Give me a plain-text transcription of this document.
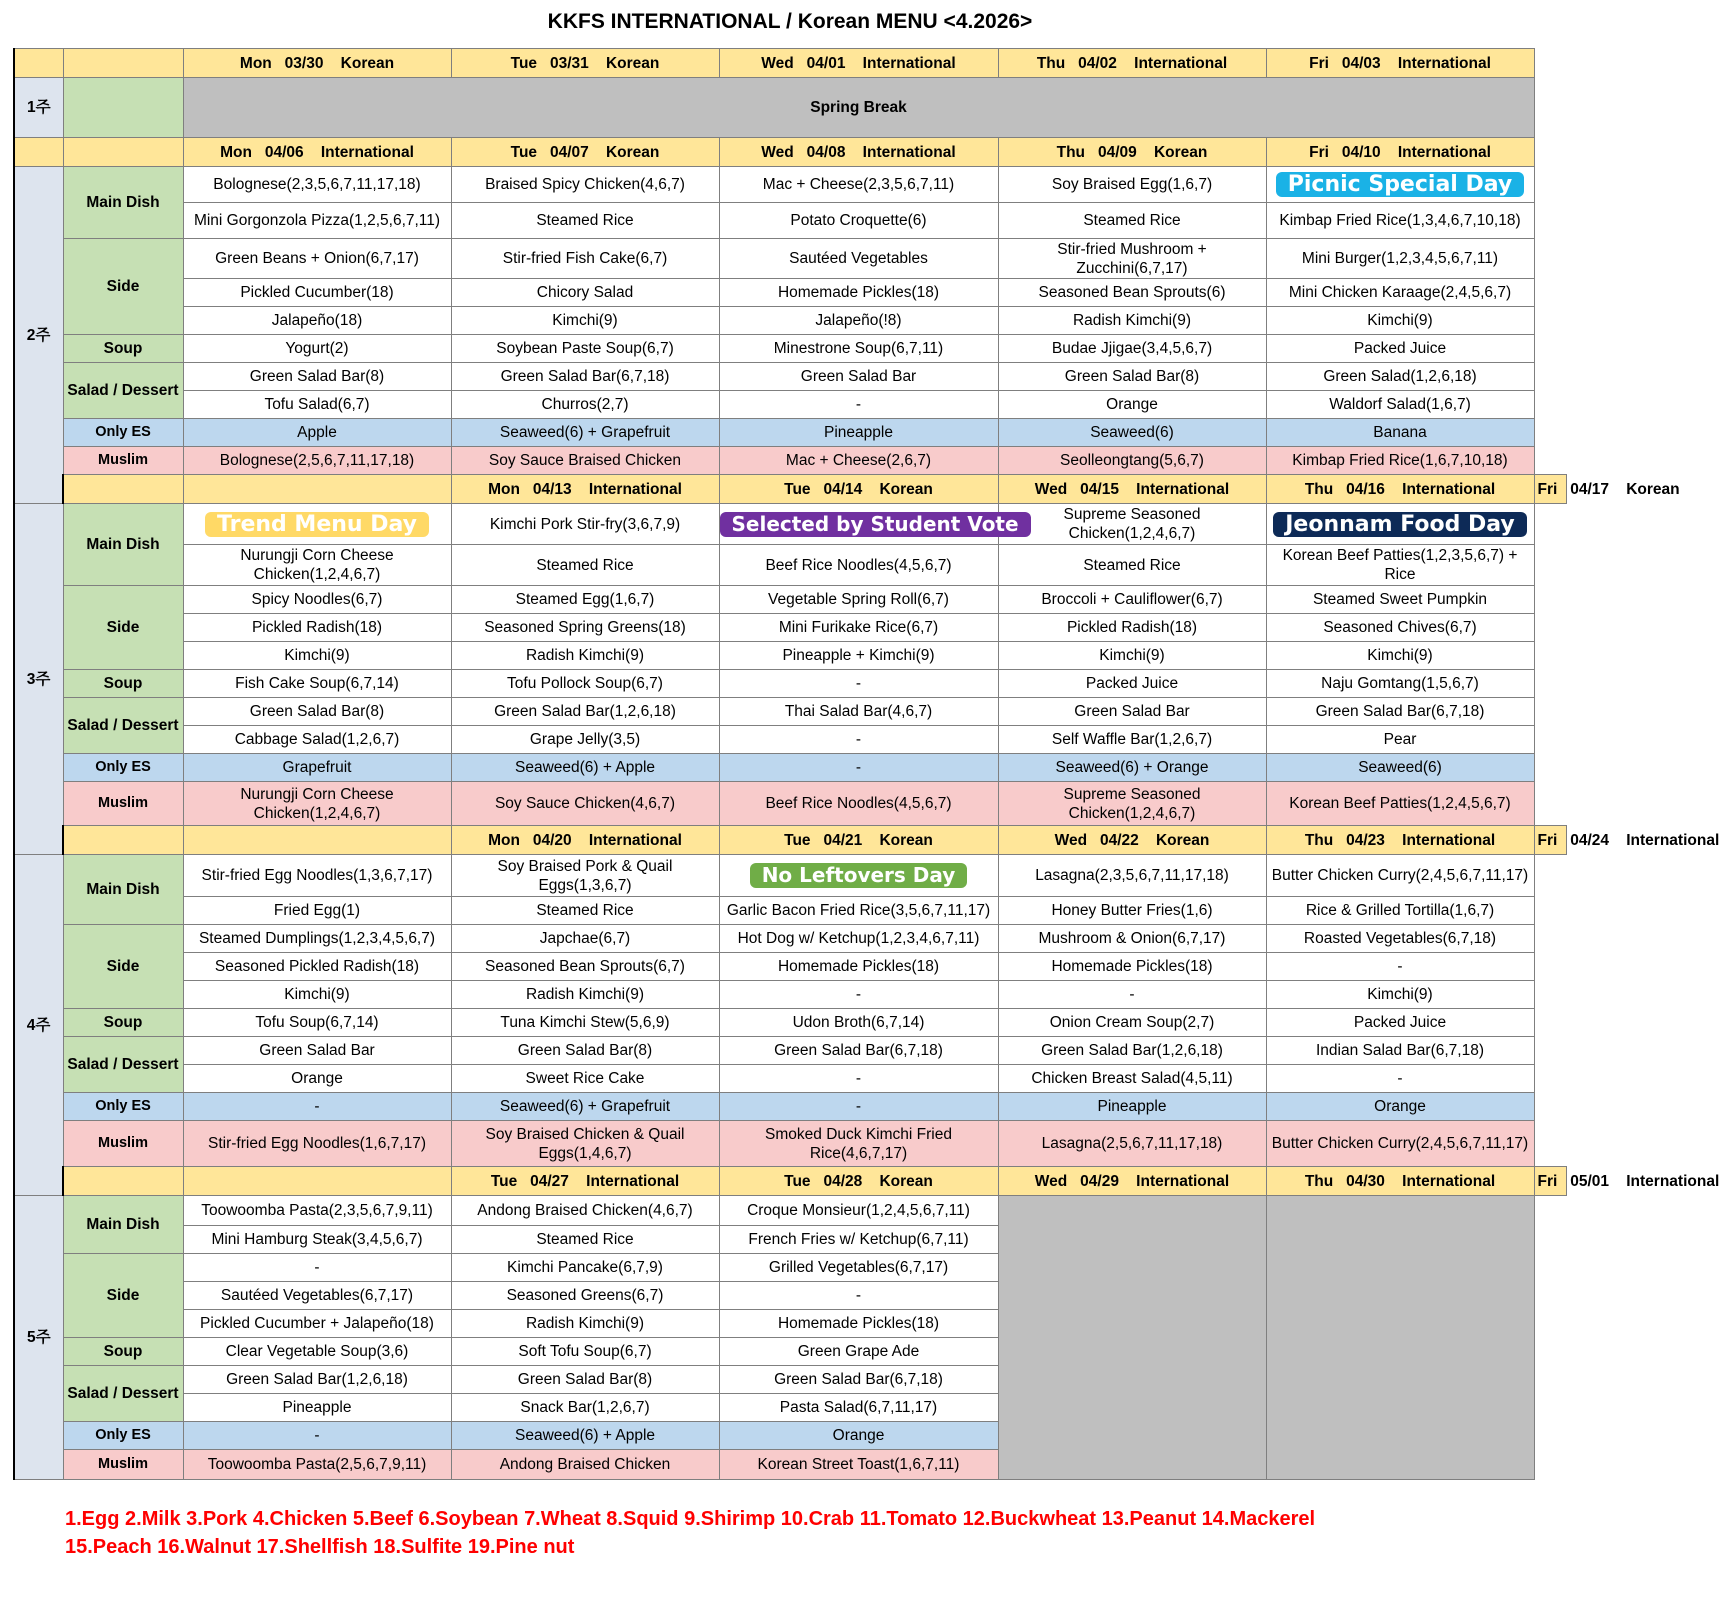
KKFS INTERNATIONAL / Korean MENU <4.2026>
		Mon   03/30    Korean	Tue   03/31    Korean	Wed   04/01    International	Thu   04/02    International	Fri   04/03    International	
1주		Spring Break					
		Mon   04/06    International	Tue   04/07    Korean	Wed   04/08    International	Thu   04/09    Korean	Fri   04/10    International	
2주	Main Dish	Bolognese(2,3,5,6,7,11,17,18)	Braised Spicy Chicken(4,6,7)	Mac + Cheese(2,3,5,6,7,11)	Soy Braised Egg(1,6,7)	Picnic Special Day	
		Mini Gorgonzola Pizza(1,2,5,6,7,11)	Steamed Rice	Potato Croquette(6)	Steamed Rice	Kimbap Fried Rice(1,3,4,6,7,10,18)	
	Side	Green Beans + Onion(6,7,17)	Stir-fried Fish Cake(6,7)	Sautéed Vegetables	Stir-fried Mushroom + Zucchini(6,7,17)	Mini Burger(1,2,3,4,5,6,7,11)	
		Pickled Cucumber(18)	Chicory Salad	Homemade Pickles(18)	Seasoned Bean Sprouts(6)	Mini Chicken Karaage(2,4,5,6,7)	
		Jalapeño(18)	Kimchi(9)	Jalapeño(!8)	Radish Kimchi(9)	Kimchi(9)	
	Soup	Yogurt(2)	Soybean Paste Soup(6,7)	Minestrone Soup(6,7,11)	Budae Jjigae(3,4,5,6,7)	Packed Juice	
	Salad / Dessert	Green Salad Bar(8)	Green Salad Bar(6,7,18)	Green Salad Bar	Green Salad Bar(8)	Green Salad(1,2,6,18)	
		Tofu Salad(6,7)	Churros(2,7)	-	Orange	Waldorf Salad(1,6,7)	
	Only ES	Apple	Seaweed(6) + Grapefruit	Pineapple	Seaweed(6)	Banana	
	Muslim	Bolognese(2,5,6,7,11,17,18)	Soy Sauce Braised Chicken	Mac + Cheese(2,6,7)	Seolleongtang(5,6,7)	Kimbap Fried Rice(1,6,7,10,18)	
			Mon   04/13    International	Tue   04/14    Korean	Wed   04/15    International	Thu   04/16    International	Fri   04/17    Korean
3주	Main Dish	Trend Menu Day	Kimchi Pork Stir-fry(3,6,7,9)	Selected by Student Vote	Supreme Seasoned Chicken(1,2,4,6,7)	Jeonnam Food Day	
		Nurungji Corn Cheese Chicken(1,2,4,6,7)	Steamed Rice	Beef Rice Noodles(4,5,6,7)	Steamed Rice	Korean Beef Patties(1,2,3,5,6,7) + Rice	
	Side	Spicy Noodles(6,7)	Steamed Egg(1,6,7)	Vegetable Spring Roll(6,7)	Broccoli + Cauliflower(6,7)	Steamed Sweet Pumpkin	
		Pickled Radish(18)	Seasoned Spring Greens(18)	Mini Furikake Rice(6,7)	Pickled Radish(18)	Seasoned Chives(6,7)	
		Kimchi(9)	Radish Kimchi(9)	Pineapple + Kimchi(9)	Kimchi(9)	Kimchi(9)	
	Soup	Fish Cake Soup(6,7,14)	Tofu Pollock Soup(6,7)	-	Packed Juice	Naju Gomtang(1,5,6,7)	
	Salad / Dessert	Green Salad Bar(8)	Green Salad Bar(1,2,6,18)	Thai Salad Bar(4,6,7)	Green Salad Bar	Green Salad Bar(6,7,18)	
		Cabbage Salad(1,2,6,7)	Grape Jelly(3,5)	-	Self Waffle Bar(1,2,6,7)	Pear	
	Only ES	Grapefruit	Seaweed(6) + Apple	-	Seaweed(6) + Orange	Seaweed(6)	
	Muslim	Nurungji Corn Cheese Chicken(1,2,4,6,7)	Soy Sauce Chicken(4,6,7)	Beef Rice Noodles(4,5,6,7)	Supreme Seasoned Chicken(1,2,4,6,7)	Korean Beef Patties(1,2,4,5,6,7)	
			Mon   04/20    International	Tue   04/21    Korean	Wed   04/22    Korean	Thu   04/23    International	Fri   04/24    International
4주	Main Dish	Stir-fried Egg Noodles(1,3,6,7,17)	Soy Braised Pork & Quail Eggs(1,3,6,7)	No Leftovers Day	Lasagna(2,3,5,6,7,11,17,18)	Butter Chicken Curry(2,4,5,6,7,11,17)	
		Fried Egg(1)	Steamed Rice	Garlic Bacon Fried Rice(3,5,6,7,11,17)	Honey Butter Fries(1,6)	Rice & Grilled Tortilla(1,6,7)	
	Side	Steamed Dumplings(1,2,3,4,5,6,7)	Japchae(6,7)	Hot Dog w/ Ketchup(1,2,3,4,6,7,11)	Mushroom & Onion(6,7,17)	Roasted Vegetables(6,7,18)	
		Seasoned Pickled Radish(18)	Seasoned Bean Sprouts(6,7)	Homemade Pickles(18)	Homemade Pickles(18)	-	
		Kimchi(9)	Radish Kimchi(9)	-	-	Kimchi(9)	
	Soup	Tofu Soup(6,7,14)	Tuna Kimchi Stew(5,6,9)	Udon Broth(6,7,14)	Onion Cream Soup(2,7)	Packed Juice	
	Salad / Dessert	Green Salad Bar	Green Salad Bar(8)	Green Salad Bar(6,7,18)	Green Salad Bar(1,2,6,18)	Indian Salad Bar(6,7,18)	
		Orange	Sweet Rice Cake	-	Chicken Breast Salad(4,5,11)	-	
	Only ES	-	Seaweed(6) + Grapefruit	-	Pineapple	Orange	
	Muslim	Stir-fried Egg Noodles(1,6,7,17)	Soy Braised Chicken & Quail Eggs(1,4,6,7)	Smoked Duck Kimchi Fried Rice(4,6,7,17)	Lasagna(2,5,6,7,11,17,18)	Butter Chicken Curry(2,4,5,6,7,11,17)	
			Tue   04/27    International	Tue   04/28    Korean	Wed   04/29    International	Thu   04/30    International	Fri   05/01    International
5주	Main Dish	Toowoomba Pasta(2,3,5,6,7,9,11)	Andong Braised Chicken(4,6,7)	Croque Monsieur(1,2,4,5,6,7,11)			
		Mini Hamburg Steak(3,4,5,6,7)	Steamed Rice	French Fries w/ Ketchup(6,7,11)			
	Side	-	Kimchi Pancake(6,7,9)	Grilled Vegetables(6,7,17)			
		Sautéed Vegetables(6,7,17)	Seasoned Greens(6,7)	-			
		Pickled Cucumber + Jalapeño(18)	Radish Kimchi(9)	Homemade Pickles(18)			
	Soup	Clear Vegetable Soup(3,6)	Soft Tofu Soup(6,7)	Green Grape Ade			
	Salad / Dessert	Green Salad Bar(1,2,6,18)	Green Salad Bar(8)	Green Salad Bar(6,7,18)			
		Pineapple	Snack Bar(1,2,6,7)	Pasta Salad(6,7,11,17)			
	Only ES	-	Seaweed(6) + Apple	Orange			
	Muslim	Toowoomba Pasta(2,5,6,7,9,11)	Andong Braised Chicken	Korean Street Toast(1,6,7,11)			
1.Egg 2.Milk 3.Pork 4.Chicken 5.Beef 6.Soybean 7.Wheat 8.Squid 9.Shirimp 10.Crab 11.Tomato 12.Buckwheat 13.Peanut 14.Mackerel
15.Peach 16.Walnut 17.Shellfish 18.Sulfite 19.Pine nut
